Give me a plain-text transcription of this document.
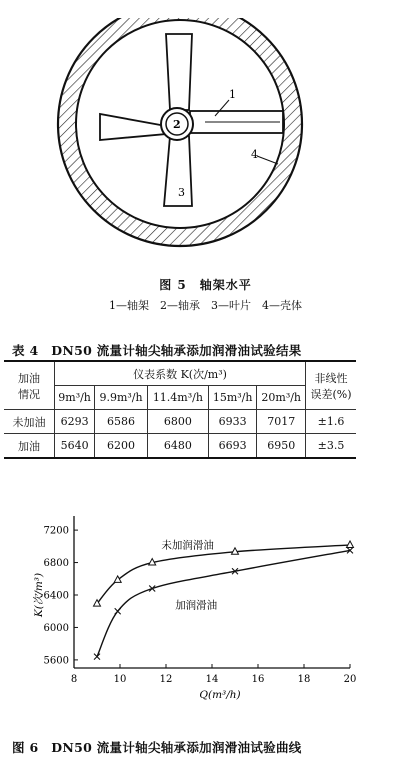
1
2
3
4
图 5　轴架水平
1—轴架　2—轴承　3—叶片　4—壳体
表 4　DN50 流量计轴尖轴承添加润滑油试验结果
加油
情况	仪表系数 K(次/m³)					非线性
误差(%)
	9m³/h	9.9m³/h	11.4m³/h	15m³/h	20m³/h	
未加油	6293	6586	6800	6933	7017	±1.6
加油	5640	6200	6480	6693	6950	±3.5
8	10	12	14	16	18	20
5600
6000
6400
6800
7200
Q(m³/h)
K(次/m³)
未加润滑油
加润滑油
图 6　DN50 流量计轴尖轴承添加润滑油试验曲线
